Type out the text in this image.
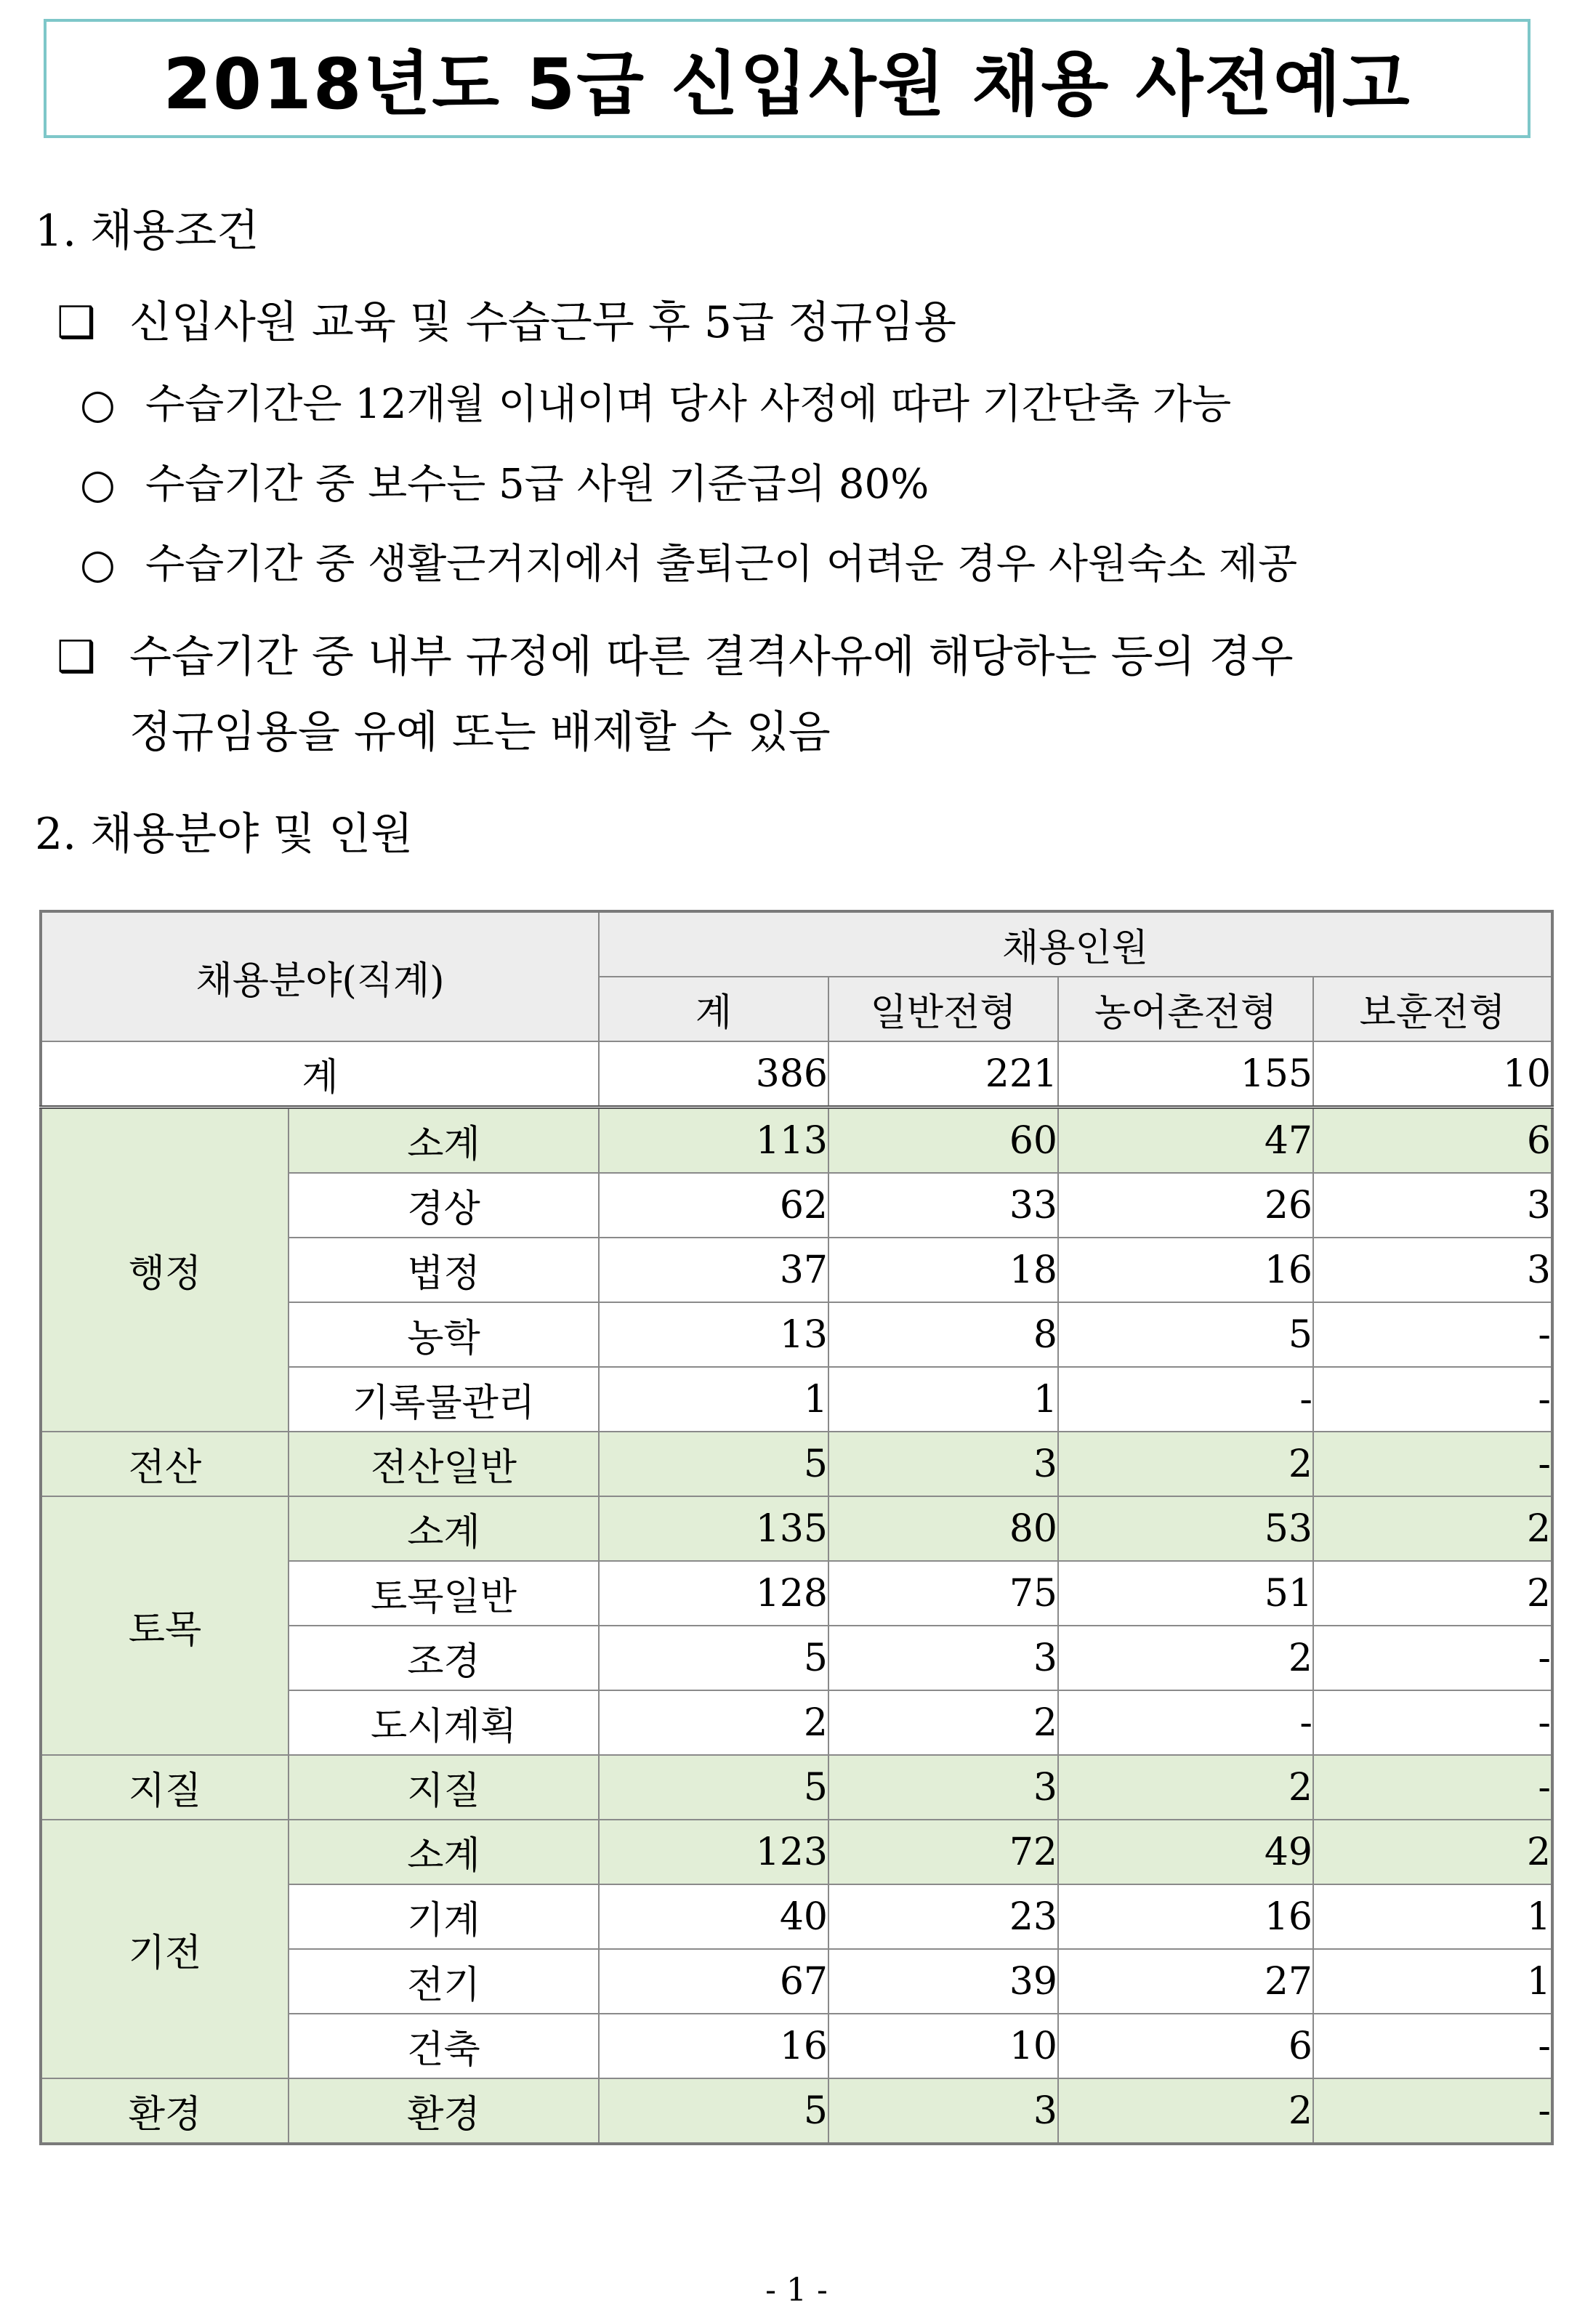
2018년도 5급 신입사원 채용 사전예고
1. 채용조건
❑ 신입사원 교육 및 수습근무 후 5급 정규임용
○ 수습기간은 12개월 이내이며 당사 사정에 따라 기간단축 가능
○ 수습기간 중 보수는 5급 사원 기준급의 80%
○ 수습기간 중 생활근거지에서 출퇴근이 어려운 경우 사원숙소 제공
❑ 수습기간 중 내부 규정에 따른 결격사유에 해당하는 등의 경우
정규임용을 유예 또는 배제할 수 있음
2. 채용분야 및 인원
채용분야(직계)		채용인원			
		계	일반전형	농어촌전형	보훈전형
계		386	221	155	10
행정	소계	113	60	47	6
	경상	62	33	26	3
	법정	37	18	16	3
	농학	13	8	5	-
	기록물관리	1	1	-	-
전산	전산일반	5	3	2	-
토목	소계	135	80	53	2
	토목일반	128	75	51	2
	조경	5	3	2	-
	도시계획	2	2	-	-
지질	지질	5	3	2	-
기전	소계	123	72	49	2
	기계	40	23	16	1
	전기	67	39	27	1
	건축	16	10	6	-
환경	환경	5	3	2	-
- 1 -
